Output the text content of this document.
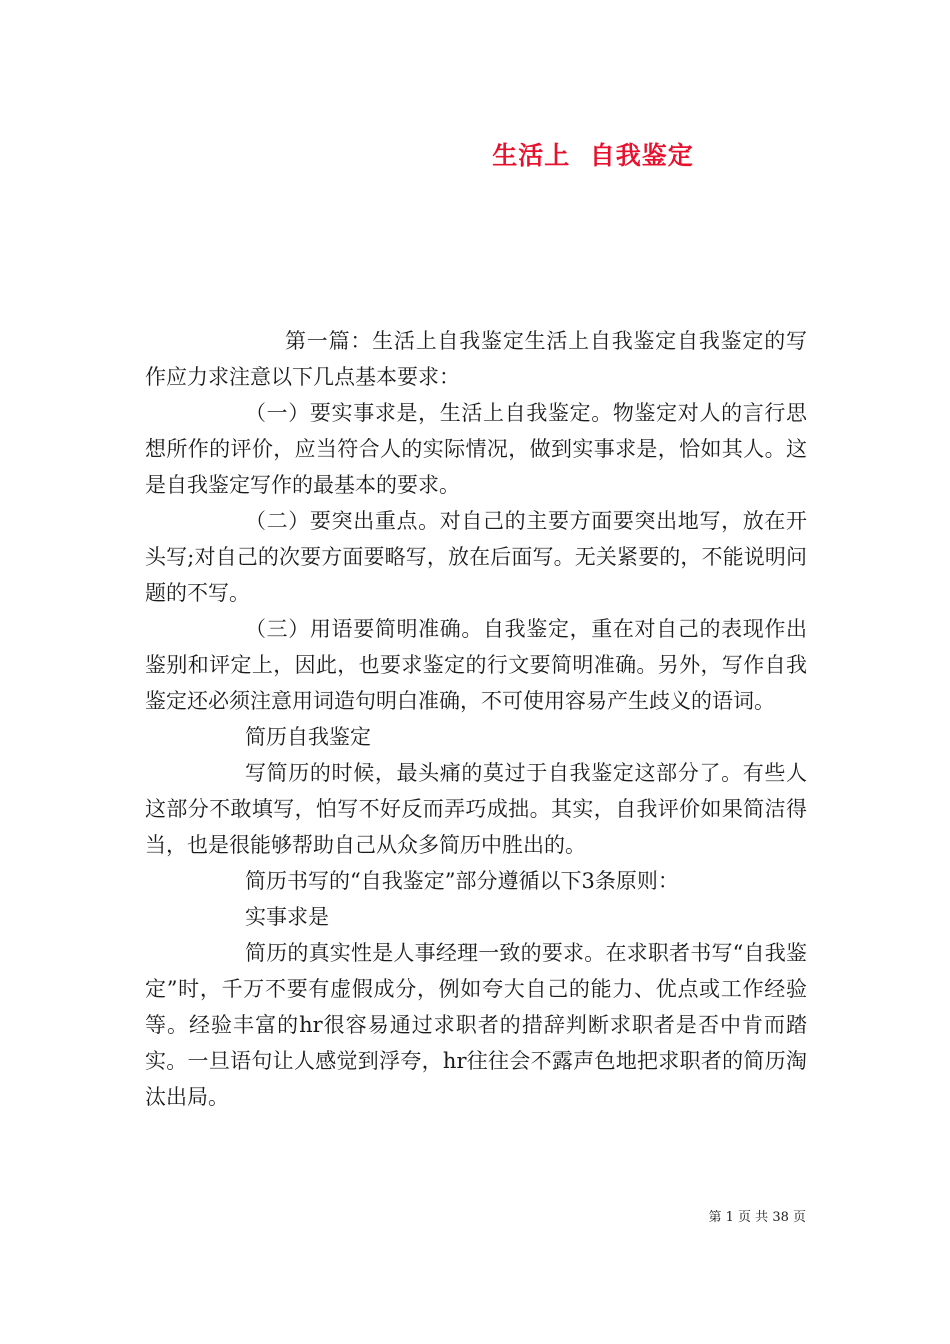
生活上  自我鉴定

第一篇：生活上自我鉴定生活上自我鉴定自我鉴定的写作应力求注意以下几点基本要求：

（一）要实事求是，生活上自我鉴定。物鉴定对人的言行思想所作的评价，应当符合人的实际情况，做到实事求是，恰如其人。这是自我鉴定写作的最基本的要求。

（二）要突出重点。对自己的主要方面要突出地写，放在开头写;对自己的次要方面要略写，放在后面写。无关紧要的，不能说明问题的不写。

（三）用语要简明准确。自我鉴定，重在对自己的表现作出鉴别和评定上，因此，也要求鉴定的行文要简明准确。另外，写作自我鉴定还必须注意用词造句明白准确，不可使用容易产生歧义的语词。

简历自我鉴定

写简历的时候，最头痛的莫过于自我鉴定这部分了。有些人这部分不敢填写，怕写不好反而弄巧成拙。其实，自我评价如果简洁得当，也是很能够帮助自己从众多简历中胜出的。

简历书写的“自我鉴定”部分遵循以下3条原则：

实事求是

简历的真实性是人事经理一致的要求。在求职者书写“自我鉴定”时，千万不要有虚假成分，例如夸大自己的能力、优点或工作经验等。经验丰富的hr很容易通过求职者的措辞判断求职者是否中肯而踏实。一旦语句让人感觉到浮夸，hr往往会不露声色地把求职者的简历淘汰出局。

第 1 页 共 38 页
